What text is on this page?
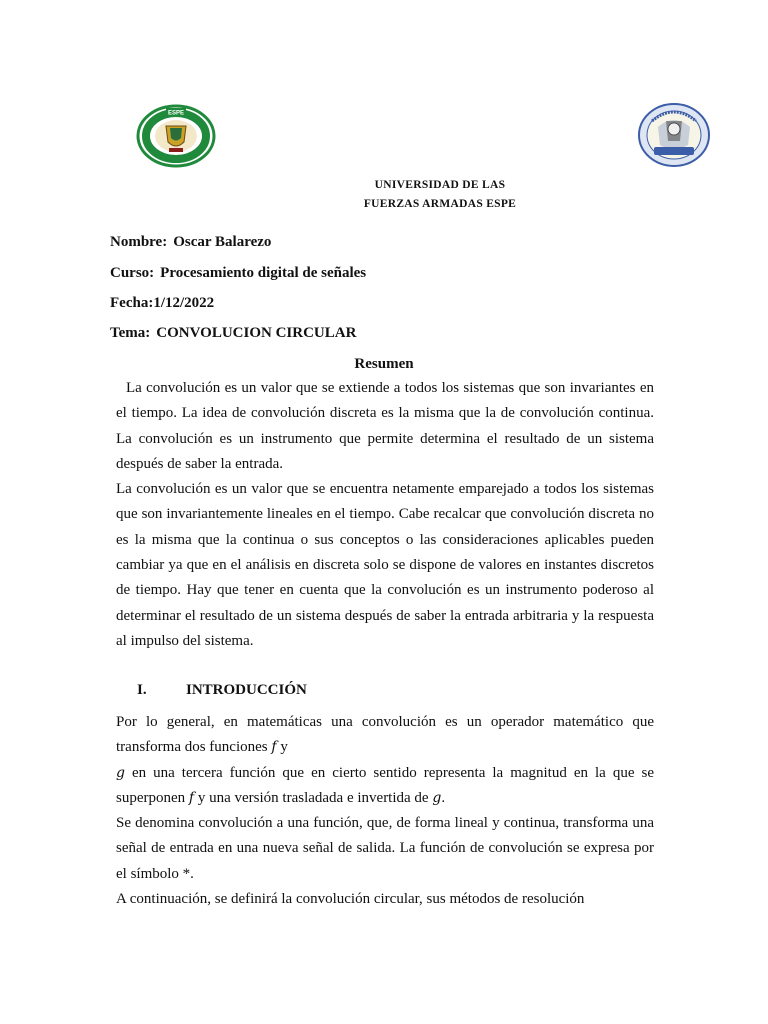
ESPE
UNIVERSIDAD DE LAS
FUERZAS ARMADAS ESPE
Nombre: Oscar Balarezo
Curso: Procesamiento digital de señales
Fecha:1/12/2022
Tema: CONVOLUCION CIRCULAR
Resumen

La convolución es un valor que se extiende a todos los sistemas que son invariantes en el tiempo. La idea de convolución discreta es la misma que la de convolución continua. La convolución es un instrumento que permite determina el resultado de un sistema después de saber la entrada.

La convolución es un valor que se encuentra netamente emparejado a todos los sistemas que son invariantemente lineales en el tiempo. Cabe recalcar que convolución discreta no es la misma que la continua o sus conceptos o las consideraciones aplicables pueden cambiar ya que en el análisis en discreta solo se dispone de valores en instantes discretos de tiempo. Hay que tener en cuenta que la convolución es un instrumento poderoso al determinar el resultado de un sistema después de saber la entrada arbitraria y la respuesta al impulso del sistema.

I.	INTRODUCCIÓN

Por lo general, en matemáticas una convolución es un operador matemático que transforma dos funciones f y
g en una tercera función que en cierto sentido representa la magnitud en la que se superponen f y una versión trasladada e invertida de g.

Se denomina convolución a una función, que, de forma lineal y continua, transforma una señal de entrada en una nueva señal de salida. La función de convolución se expresa por el símbolo *.

A continuación, se definirá la convolución circular, sus métodos de resolución
